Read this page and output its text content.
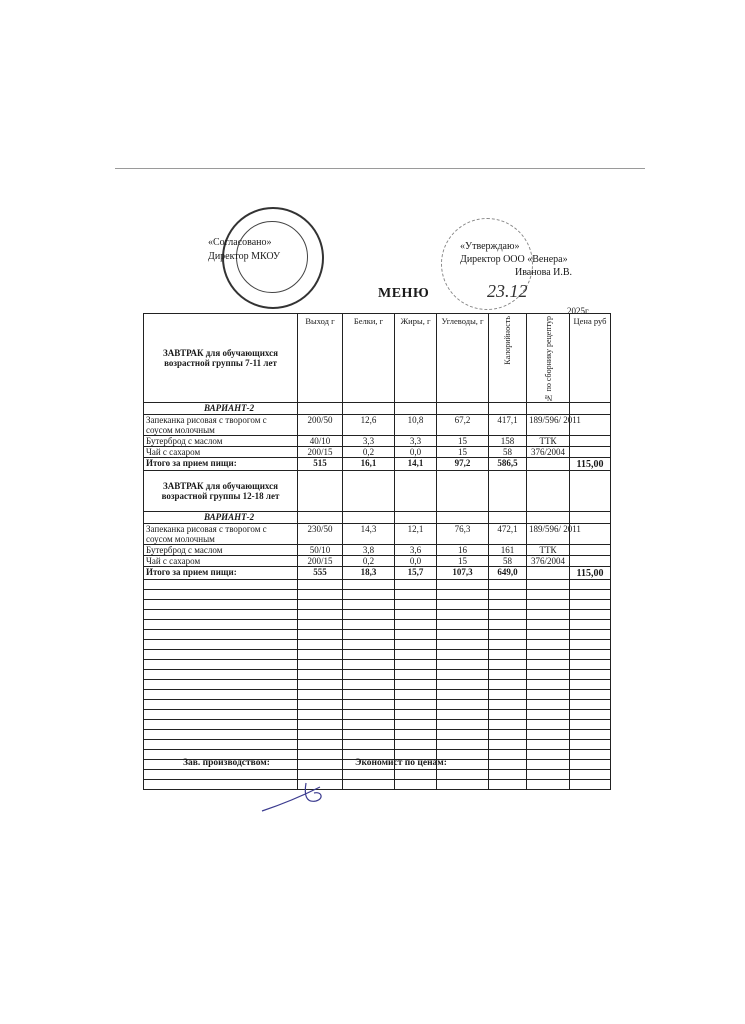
«Согласовано»
Директор МКОУ
«Утверждаю»
Директор ООО «Венера»
Иванова И.В.
МЕНЮ	23.12
2025г.
ЗАВТРАК для обучающихся возрастной группы 7-11 лет	Выход г	Белки, г	Жиры, г	Углеводы, г	Калорийность	№ по сборнику рецептур	Цена руб
ВАРИАНТ-2							
Запеканка рисовая с творогом с соусом молочным	200/50	12,6	10,8	67,2	417,1	189/596/ 2011	
Бутерброд с маслом	40/10	3,3	3,3	15	158	ТТК	
Чай с сахаром	200/15	0,2	0,0	15	58	376/2004	
Итого за прием пищи:	515	16,1	14,1	97,2	586,5		115,00
ЗАВТРАК для обучающихся возрастной группы 12-18 лет							
ВАРИАНТ-2							
Запеканка рисовая с творогом с соусом молочным	230/50	14,3	12,1	76,3	472,1	189/596/ 2011	
Бутерброд с маслом	50/10	3,8	3,6	16	161	ТТК	
Чай с сахаром	200/15	0,2	0,0	15	58	376/2004	
Итого за прием пищи:	555	18,3	15,7	107,3	649,0		115,00

Зав. производством:	Экономист по ценам:
